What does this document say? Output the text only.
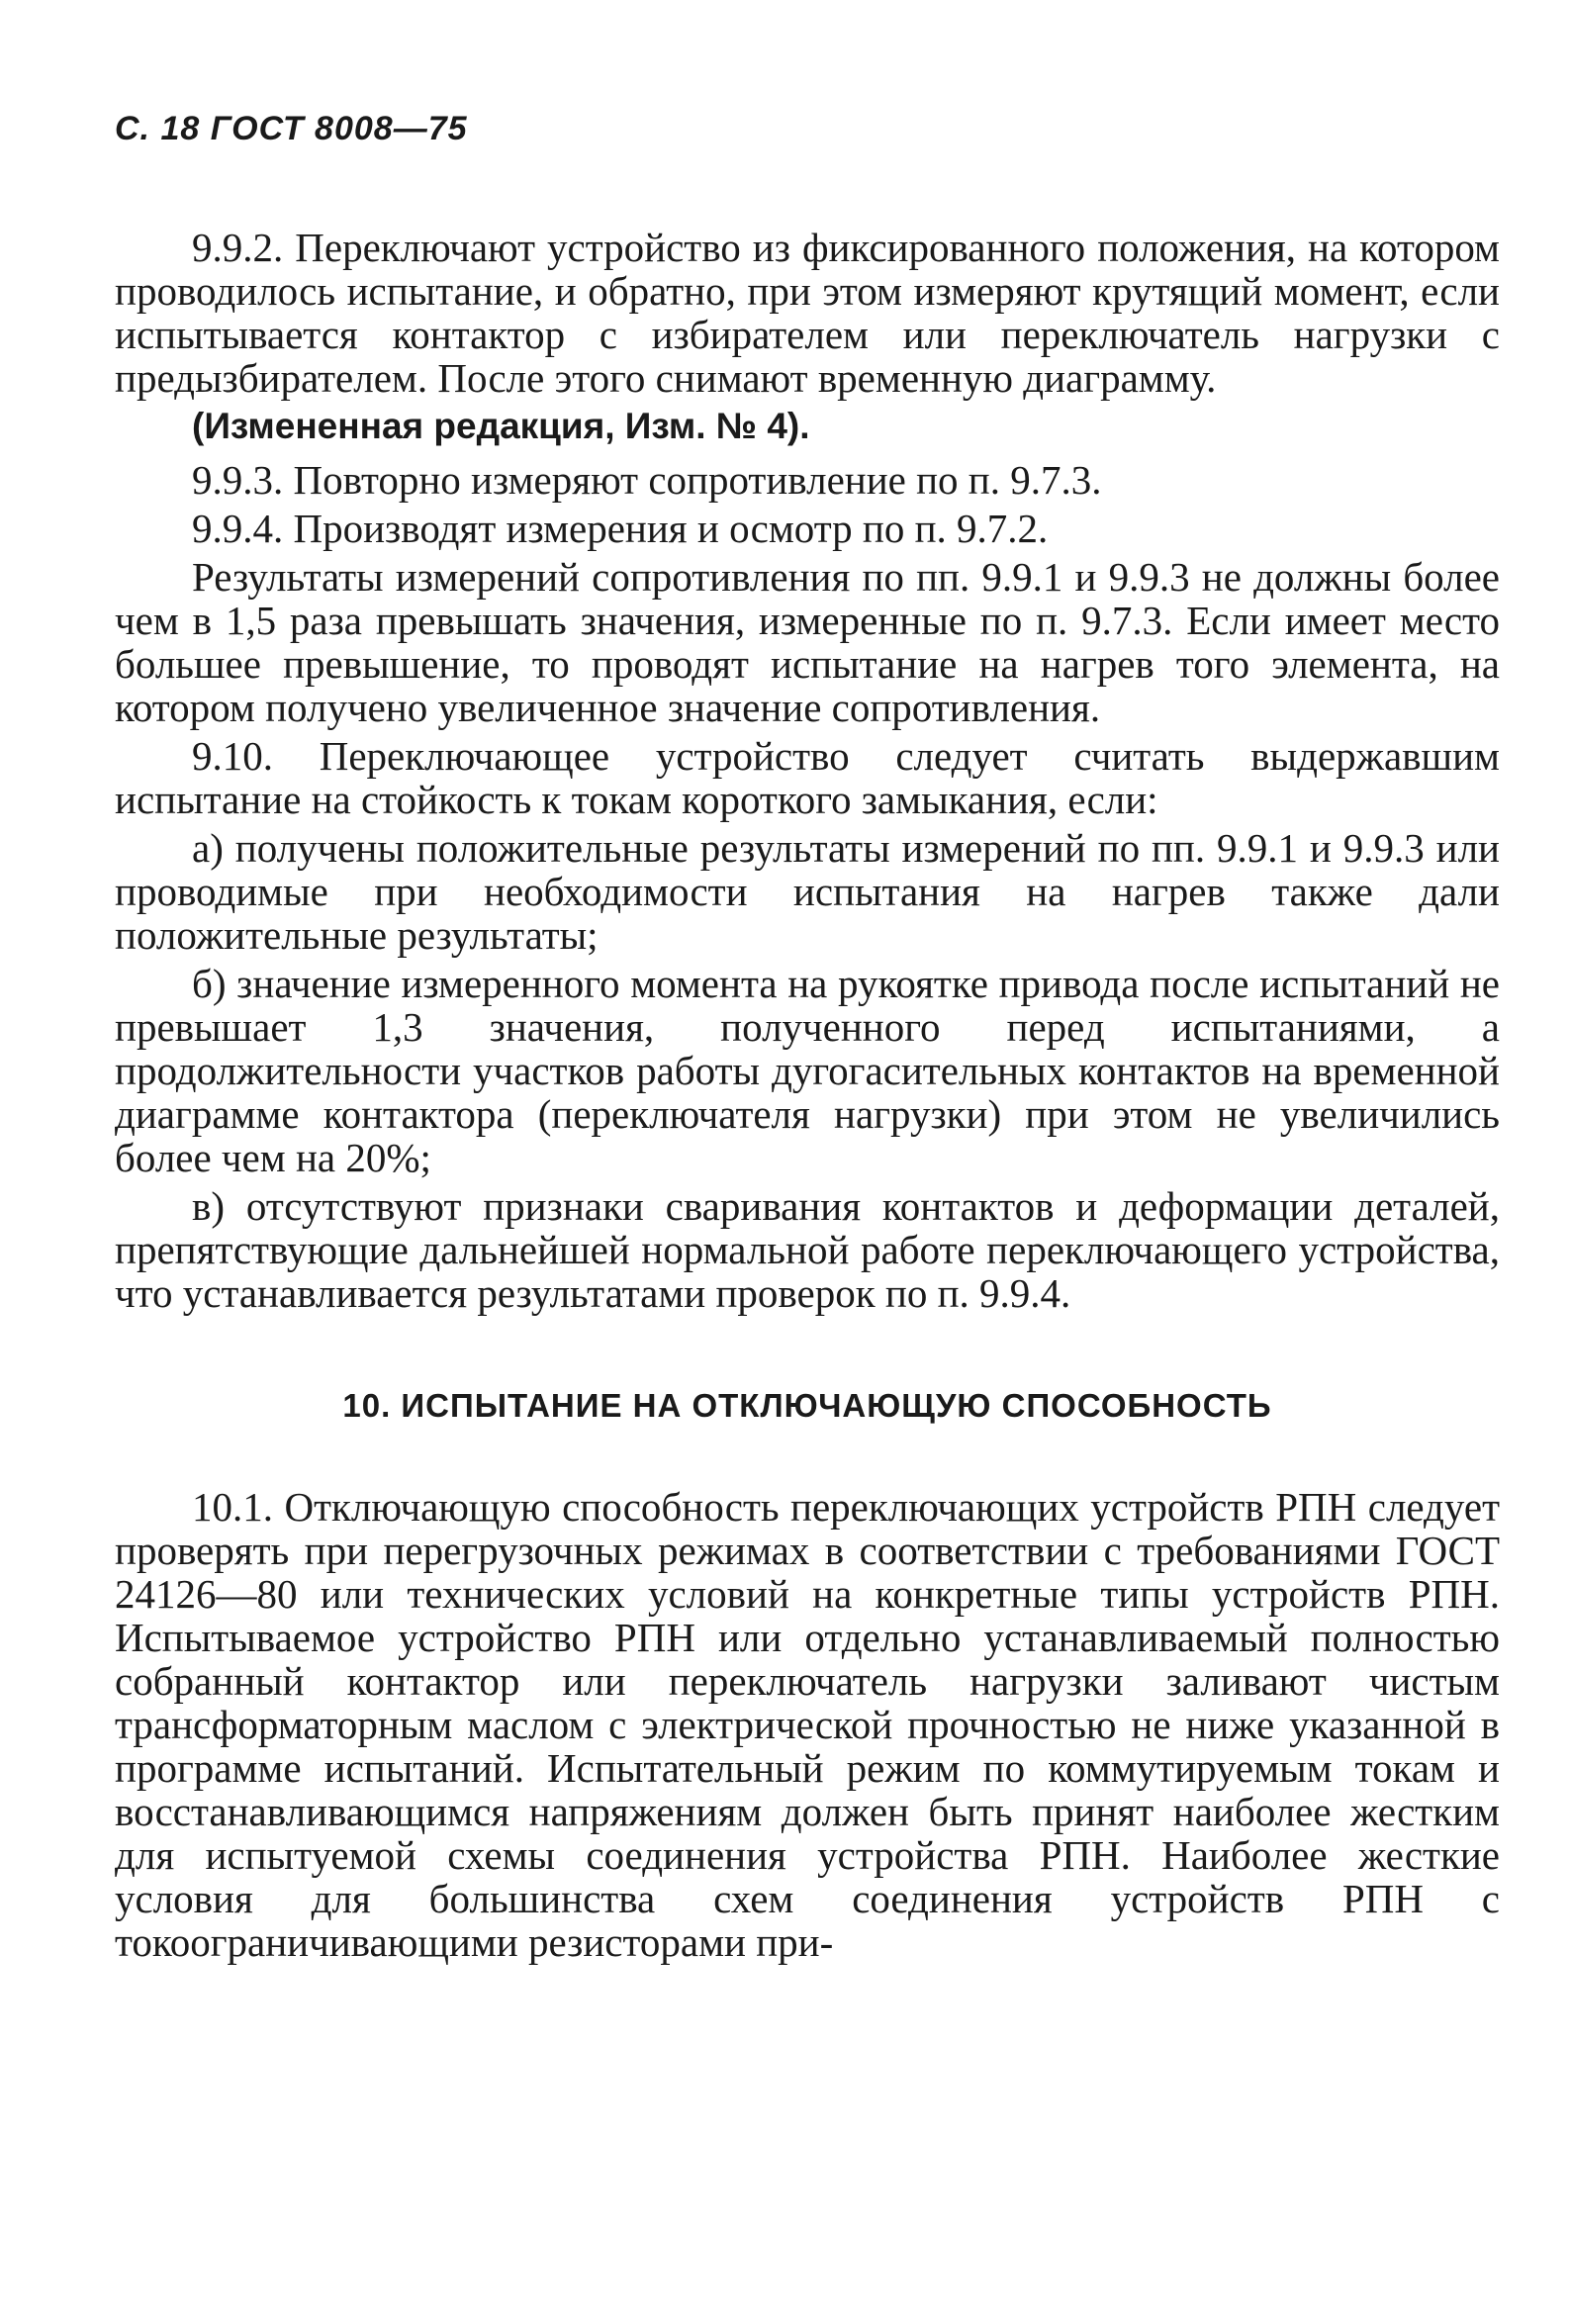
С. 18 ГОСТ 8008—75

9.9.2. Переключают устройство из фиксированного положения, на котором проводилось испытание, и обратно, при этом измеряют крутящий момент, если испытывается контактор с избирателем или переключатель нагрузки с предызбирателем. После этого снимают временную диаграмму.

(Измененная редакция, Изм. № 4).

9.9.3. Повторно измеряют сопротивление по п. 9.7.3.

9.9.4. Производят измерения и осмотр по п. 9.7.2.

Результаты измерений сопротивления по пп. 9.9.1 и 9.9.3 не должны более чем в 1,5 раза превышать значения, измеренные по п. 9.7.3. Если имеет место большее превышение, то проводят испытание на нагрев того элемента, на котором получено увеличенное значение сопротивления.

9.10. Переключающее устройство следует считать выдержавшим испытание на стойкость к токам короткого замыкания, если:

а) получены положительные результаты измерений по пп. 9.9.1 и 9.9.3 или проводимые при необходимости испытания на нагрев также дали положительные результаты;

б) значение измеренного момента на рукоятке привода после испытаний не превышает 1,3 значения, полученного перед испытаниями, а продолжительности участков работы дугогасительных контактов на временной диаграмме контактора (переключателя нагрузки) при этом не увеличились более чем на 20%;

в) отсутствуют признаки сваривания контактов и деформации деталей, препятствующие дальнейшей нормальной работе переключающего устройства, что устанавливается результатами проверок по п. 9.9.4.

10. ИСПЫТАНИЕ НА ОТКЛЮЧАЮЩУЮ СПОСОБНОСТЬ

10.1. Отключающую способность переключающих устройств РПН следует проверять при перегрузочных режимах в соответствии с требованиями ГОСТ 24126—80 или технических условий на конкретные типы устройств РПН. Испытываемое устройство РПН или отдельно устанавливаемый полностью собранный контактор или переключатель нагрузки заливают чистым трансформаторным маслом с электрической прочностью не ниже указанной в программе испытаний. Испытательный режим по коммутируемым токам и восстанавливающимся напряжениям должен быть принят наиболее жестким для испытуемой схемы соединения устройства РПН. Наиболее жесткие условия для большинства схем соединения устройств РПН с токоограничивающими резисторами при-
